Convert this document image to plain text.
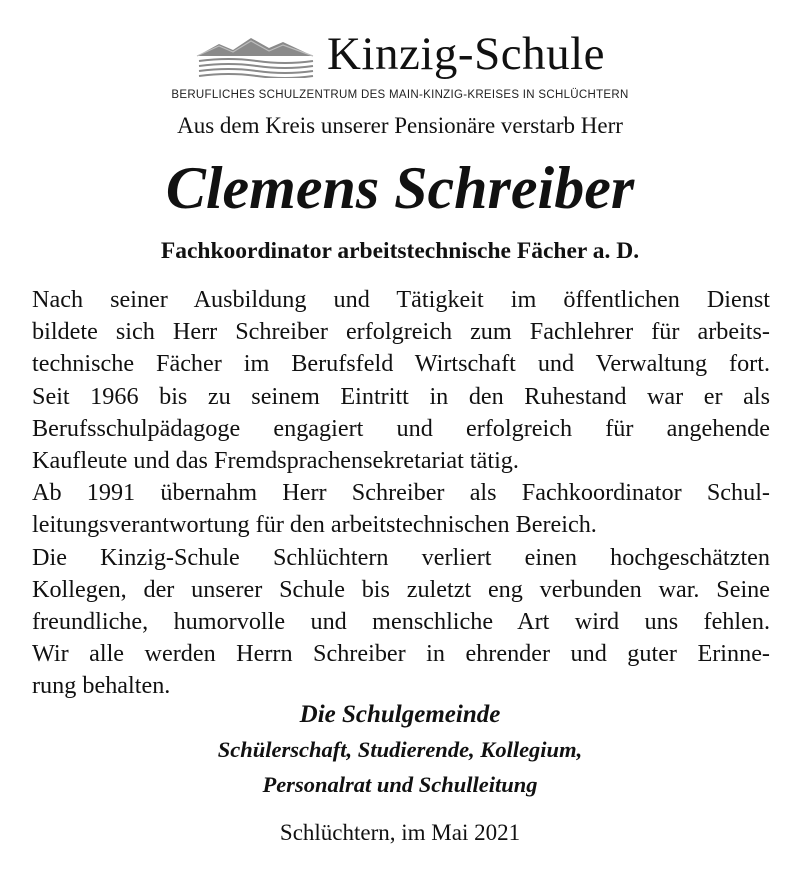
Kinzig-Schule
BERUFLICHES SCHULZENTRUM DES MAIN-KINZIG-KREISES IN SCHLÜCHTERN
Aus dem Kreis unserer Pensionäre verstarb Herr
Clemens Schreiber
Fachkoordinator arbeitstechnische Fächer a. D.
Nach seiner Ausbildung und Tätigkeit im öffentlichen Dienst
bildete sich Herr Schreiber erfolgreich zum Fachlehrer für arbeits-
technische Fächer im Berufsfeld Wirtschaft und Verwaltung fort.
Seit 1966 bis zu seinem Eintritt in den Ruhestand war er als
Berufsschulpädagoge engagiert und erfolgreich für angehende
Kaufleute und das Fremdsprachensekretariat tätig.
Ab 1991 übernahm Herr Schreiber als Fachkoordinator Schul-
leitungsverantwortung für den arbeitstechnischen Bereich.
Die Kinzig-Schule Schlüchtern verliert einen hochgeschätzten
Kollegen, der unserer Schule bis zuletzt eng verbunden war. Seine
freundliche, humorvolle und menschliche Art wird uns fehlen.
Wir alle werden Herrn Schreiber in ehrender und guter Erinne-
rung behalten.
Die Schulgemeinde
Schülerschaft, Studierende, Kollegium,
Personalrat und Schulleitung
Schlüchtern, im Mai 2021
